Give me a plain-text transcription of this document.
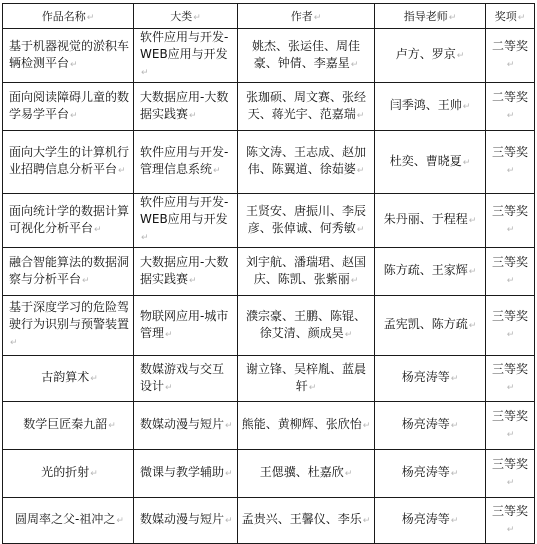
作品名称↵	大类↵	作者↵	指导老师↵	奖项↵
基于机器视觉的淤积车辆检测平台↵	软件应用与开发-WEB应用与开发↵	姚杰、张运佳、周佳豪、钟倩、李嘉星↵	卢方、罗京↵	二等奖↵
面向阅读障碍儿童的数学易学平台↵	大数据应用-大数据实践赛↵	张珈硕、周文赛、张经天、蒋光宇、范嘉瑞↵	闫季鸿、王帅↵	二等奖↵
面向大学生的计算机行业招聘信息分析平台↵	软件应用与开发-管理信息系统↵	陈文涛、王志成、赵加伟、陈翼道、徐茹婆↵	杜奕、曹晓夏↵	三等奖↵
面向统计学的数据计算可视化分析平台↵	软件应用与开发-WEB应用与开发↵	王贤安、唐振川、李辰彦、张倬诚、何秀敏↵	朱丹丽、于程程↵	三等奖↵
融合智能算法的数据洞察与分析平台↵	大数据应用-大数据实践赛↵	刘宇航、潘瑞珺、赵国庆、陈凯、张紫丽↵	陈方疏、王家辉↵	三等奖↵
基于深度学习的危险驾驶行为识别与预警装置↵	物联网应用-城市管理↵	濮宗豪、王鹏、陈锟、徐艾清、颜成昊↵	孟宪凯、陈方疏↵	三等奖↵
古韵算术↵	数媒游戏与交互设计↵	谢立锋、吴梓胤、蓝晨轩↵	杨亮涛等↵	三等奖↵
数学巨匠秦九韶↵	数媒动漫与短片↵	熊能、黄柳辉、张欣怡↵	杨亮涛等↵	三等奖↵
光的折射↵	微课与教学辅助↵	王偲骥、杜嘉欣↵	杨亮涛等↵	三等奖↵
圆周率之父-祖冲之↵	数媒动漫与短片↵	孟贵兴、王馨仪、李乐↵	杨亮涛等↵	三等奖↵
